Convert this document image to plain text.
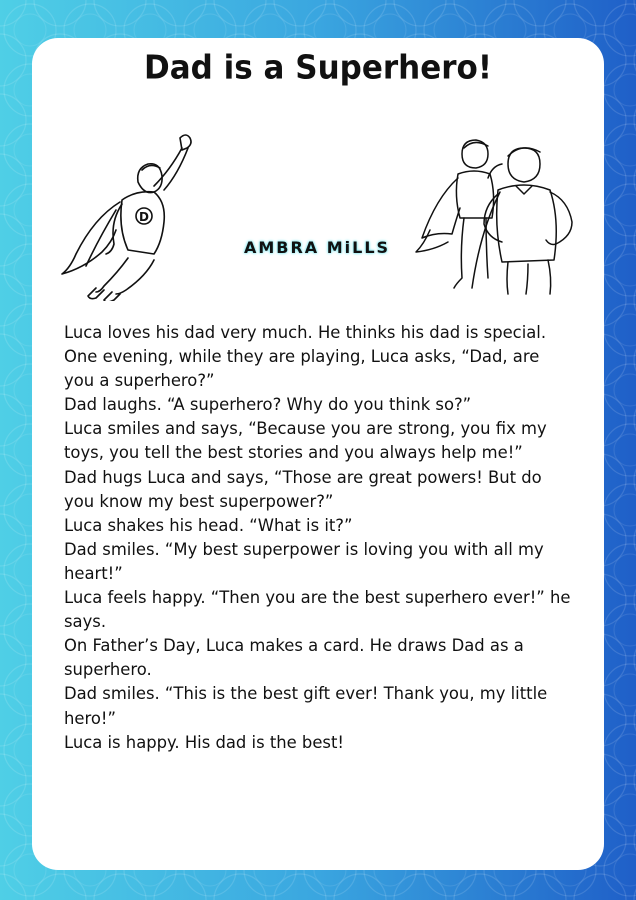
Dad is a Superhero!
D
AMBRA MiLLS

Luca loves his dad very much. He thinks his dad is special.

One evening, while they are playing, Luca asks, “Dad, are you a superhero?”

Dad laughs. “A superhero? Why do you think so?”

Luca smiles and says, “Because you are strong, you fix my toys, you tell the best stories and you always help me!”

Dad hugs Luca and says, “Those are great powers! But do you know my best superpower?”

Luca shakes his head. “What is it?”

Dad smiles. “My best superpower is loving you with all my heart!”

Luca feels happy. “Then you are the best superhero ever!” he says.

On Father’s Day, Luca makes a card. He draws Dad as a superhero.

Dad smiles. “This is the best gift ever! Thank you, my little hero!”

Luca is happy. His dad is the best!
